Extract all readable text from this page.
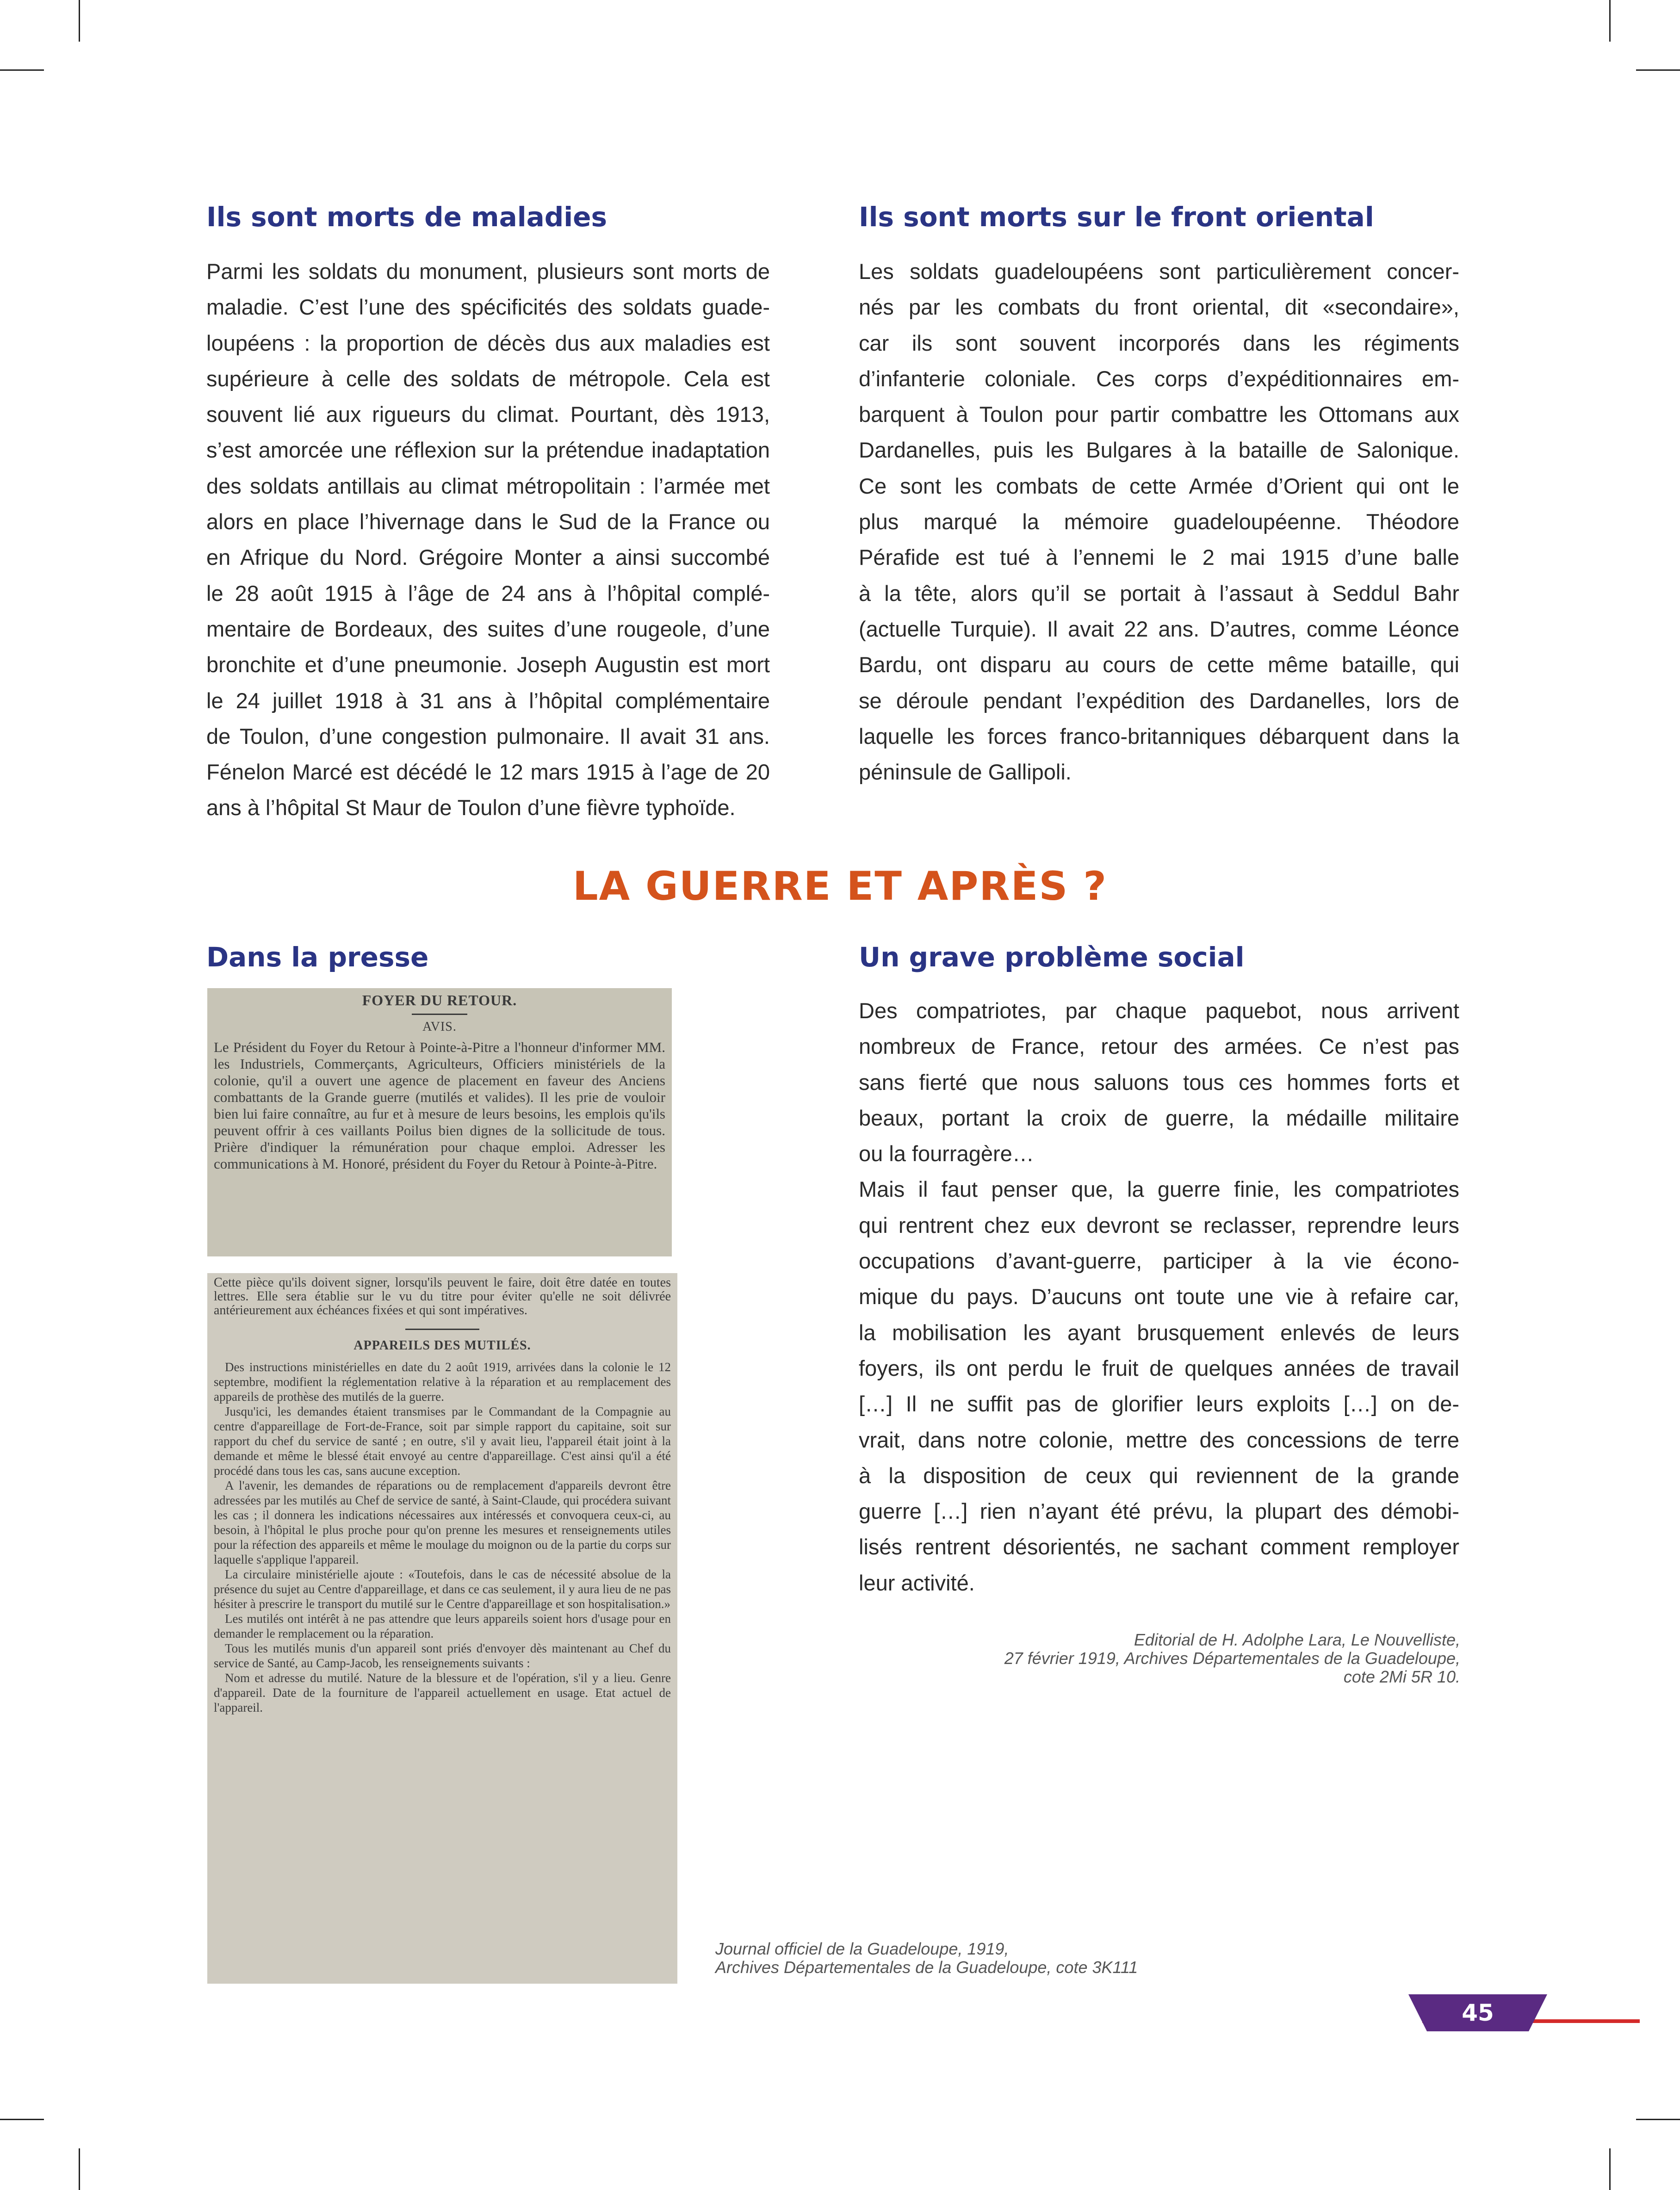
Ils sont morts de maladies
Parmi les soldats du monument, plusieurs sont morts de
maladie. C’est l’une des spécificités des soldats guade-
loupéens : la proportion de décès dus aux maladies est
supérieure à celle des soldats de métropole. Cela est
souvent lié aux rigueurs du climat. Pourtant, dès 1913,
s’est amorcée une réflexion sur la prétendue inadaptation
des soldats antillais au climat métropolitain : l’armée met
alors en place l’hivernage dans le Sud de la France ou
en Afrique du Nord. Grégoire Monter a ainsi succombé
le 28 août 1915 à l’âge de 24 ans à l’hôpital complé-
mentaire de Bordeaux, des suites d’une rougeole, d’une
bronchite et d’une pneumonie. Joseph Augustin est mort
le 24 juillet 1918 à 31 ans à l’hôpital complémentaire
de Toulon, d’une congestion pulmonaire. Il avait 31 ans.
Fénelon Marcé est décédé le 12 mars 1915 à l’age de 20
ans à l’hôpital St Maur de Toulon d’une fièvre typhoïde.
Ils sont morts sur le front oriental
Les soldats guadeloupéens sont particulièrement concer-
nés par les combats du front oriental, dit «secondaire»,
car ils sont souvent incorporés dans les régiments
d’infanterie coloniale. Ces corps d’expéditionnaires em-
barquent à Toulon pour partir combattre les Ottomans aux
Dardanelles, puis les Bulgares à la bataille de Salonique.
Ce sont les combats de cette Armée d’Orient qui ont le
plus marqué la mémoire guadeloupéenne. Théodore
Pérafide est tué à l’ennemi le 2 mai 1915 d’une balle
à la tête, alors qu’il se portait à l’assaut à Seddul Bahr
(actuelle Turquie). Il avait 22 ans. D’autres, comme Léonce
Bardu, ont disparu au cours de cette même bataille, qui
se déroule pendant l’expédition des Dardanelles, lors de
laquelle les forces franco-britanniques débarquent dans la
péninsule de Gallipoli.
LA GUERRE ET APRÈS ?
Dans la presse
FOYER DU RETOUR.
AVIS.
Le Président du Foyer du Retour à Pointe-à-Pitre a l'honneur d'informer MM. les Industriels, Commerçants, Agriculteurs, Officiers ministériels de la colonie, qu'il a ouvert une agence de placement en faveur des Anciens combattants de la Grande guerre (mutilés et valides). Il les prie de vouloir bien lui faire connaître, au fur et à mesure de leurs besoins, les emplois qu'ils peuvent offrir à ces vaillants Poilus bien dignes de la sollicitude de tous. Prière d'indiquer la rémunération pour chaque emploi. Adresser les communications à M. Honoré, président du Foyer du Retour à Pointe-à-Pitre.
Cette pièce qu'ils doivent signer, lorsqu'ils peuvent le faire, doit être datée en toutes lettres. Elle sera établie sur le vu du titre pour éviter qu'elle ne soit délivrée antérieurement aux échéances fixées et qui sont impératives.
APPAREILS DES MUTILÉS.
Des instructions ministérielles en date du 2 août 1919, arrivées dans la colonie le 12 septembre, modifient la réglementation relative à la réparation et au remplacement des appareils de prothèse des mutilés de la guerre.
Jusqu'ici, les demandes étaient transmises par le Commandant de la Compagnie au centre d'appareillage de Fort-de-France, soit par simple rapport du capitaine, soit sur rapport du chef du service de santé ; en outre, s'il y avait lieu, l'appareil était joint à la demande et même le blessé était envoyé au centre d'appareillage. C'est ainsi qu'il a été procédé dans tous les cas, sans aucune exception.
A l'avenir, les demandes de réparations ou de remplacement d'appareils devront être adressées par les mutilés au Chef de service de santé, à Saint-Claude, qui procédera suivant les cas ; il donnera les indications nécessaires aux intéressés et convoquera ceux-ci, au besoin, à l'hôpital le plus proche pour qu'on prenne les mesures et renseignements utiles pour la réfection des appareils et même le moulage du moignon ou de la partie du corps sur laquelle s'applique l'appareil.
La circulaire ministérielle ajoute : «Toutefois, dans le cas de nécessité absolue de la présence du sujet au Centre d'appareillage, et dans ce cas seulement, il y aura lieu de ne pas hésiter à prescrire le transport du mutilé sur le Centre d'appareillage et son hospitalisation.»
Les mutilés ont intérêt à ne pas attendre que leurs appareils soient hors d'usage pour en demander le remplacement ou la réparation.
Tous les mutilés munis d'un appareil sont priés d'envoyer dès maintenant au Chef du service de Santé, au Camp-Jacob, les renseignements suivants :
Nom et adresse du mutilé. Nature de la blessure et de l'opération, s'il y a lieu. Genre d'appareil. Date de la fourniture de l'appareil actuellement en usage. Etat actuel de l'appareil.
Journal officiel de la Guadeloupe, 1919,
Archives Départementales de la Guadeloupe, cote 3K111
Un grave problème social
Des compatriotes, par chaque paquebot, nous arrivent
nombreux de France, retour des armées. Ce n’est pas
sans fierté que nous saluons tous ces hommes forts et
beaux, portant la croix de guerre, la médaille militaire
ou la fourragère…
Mais il faut penser que, la guerre finie, les compatriotes
qui rentrent chez eux devront se reclasser, reprendre leurs
occupations d’avant-guerre, participer à la vie écono-
mique du pays. D’aucuns ont toute une vie à refaire car,
la mobilisation les ayant brusquement enlevés de leurs
foyers, ils ont perdu le fruit de quelques années de travail
[…] Il ne suffit pas de glorifier leurs exploits […] on de-
vrait, dans notre colonie, mettre des concessions de terre
à la disposition de ceux qui reviennent de la grande
guerre […] rien n’ayant été prévu, la plupart des démobi-
lisés rentrent désorientés, ne sachant comment remployer
leur activité.
Editorial de H. Adolphe Lara, Le Nouvelliste,
27 février 1919, Archives Départementales de la Guadeloupe,
cote 2Mi 5R 10.
45
